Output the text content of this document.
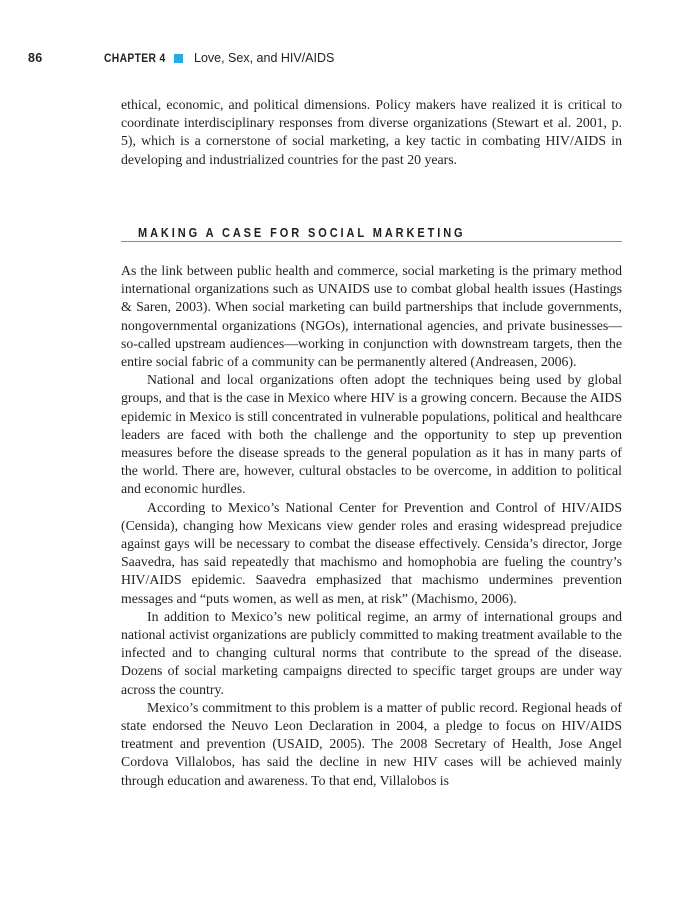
86	CHAPTER 4 Love, Sex, and HIV/AIDS

ethical, economic, and political dimensions. Policy makers have realized it is critical to coordinate interdisciplinary responses from diverse organizations (Stewart et al. 2001, p. 5), which is a cornerstone of social marketing, a key tactic in combating HIV/AIDS in developing and industrialized countries for the past 20 years.

MAKING A CASE FOR SOCIAL MARKETING

As the link between public health and commerce, social marketing is the primary method international organizations such as UNAIDS use to combat global health issues (Hastings & Saren, 2003). When social marketing can build partnerships that include governments, nongovernmental organizations (NGOs), international agencies, and private businesses—so-called upstream audiences—working in conjunction with downstream targets, then the entire social fabric of a community can be permanently altered (Andreasen, 2006).

National and local organizations often adopt the techniques being used by global groups, and that is the case in Mexico where HIV is a growing concern. Because the AIDS epidemic in Mexico is still concentrated in vulnerable populations, political and healthcare leaders are faced with both the challenge and the opportunity to step up prevention measures before the disease spreads to the general population as it has in many parts of the world. There are, however, cultural obstacles to be overcome, in addition to political and economic hurdles.

According to Mexico’s National Center for Prevention and Control of HIV/AIDS (Censida), changing how Mexicans view gender roles and erasing widespread prejudice against gays will be necessary to combat the disease effectively. Censida’s director, Jorge Saavedra, has said repeatedly that machismo and homophobia are fueling the country’s HIV/AIDS epidemic. Saavedra emphasized that machismo undermines prevention messages and “puts women, as well as men, at risk” (Machismo, 2006).

In addition to Mexico’s new political regime, an army of international groups and national activist organizations are publicly committed to making treatment available to the infected and to changing cultural norms that contribute to the spread of the disease. Dozens of social marketing campaigns directed to specific target groups are under way across the country.

Mexico’s commitment to this problem is a matter of public record. Regional heads of state endorsed the Neuvo Leon Declaration in 2004, a pledge to focus on HIV/AIDS treatment and prevention (USAID, 2005). The 2008 Secretary of Health, Jose Angel Cordova Villalobos, has said the decline in new HIV cases will be achieved mainly through education and awareness. To that end, Villalobos is
